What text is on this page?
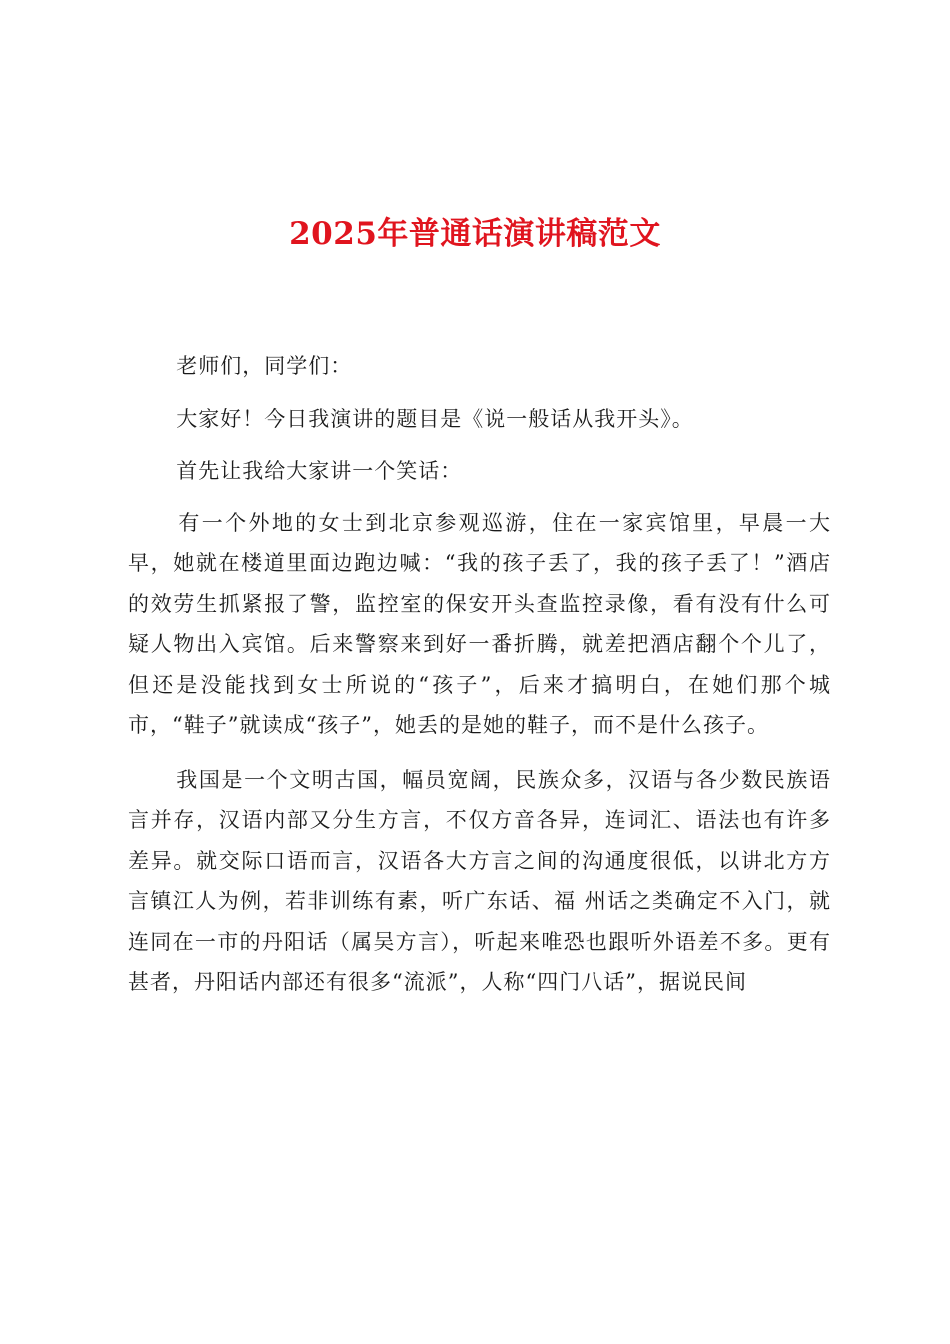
2025年普通话演讲稿范文

老师们，同学们：

大家好！今日我演讲的题目是《说一般话从我开头》。

首先让我给大家讲一个笑话：

有一个外地的女士到北京参观巡游，住在一家宾馆里，早晨一大早，她就在楼道里面边跑边喊：“我的孩子丢了，我的孩子丢了！”酒店的效劳生抓紧报了警，监控室的保安开头查监控录像，看有没有什么可疑人物出入宾馆。后来警察来到好一番折腾，就差把酒店翻个个儿了，但还是没能找到女士所说的“孩子”，后来才搞明白，在她们那个城市，“鞋子”就读成“孩子”，她丢的是她的鞋子，而不是什么孩子。

我国是一个文明古国，幅员宽阔，民族众多，汉语与各少数民族语言并存，汉语内部又分生方言，不仅方音各异，连词汇、语法也有许多差异。就交际口语而言，汉语各大方言之间的沟通度很低，以讲北方方言镇江人为例，若非训练有素，听广东话、福 州话之类确定不入门，就连同在一市的丹阳话（属吴方言），听起来唯恐也跟听外语差不多。更有甚者，丹阳话内部还有很多“流派”，人称“四门八话”，据说民间
